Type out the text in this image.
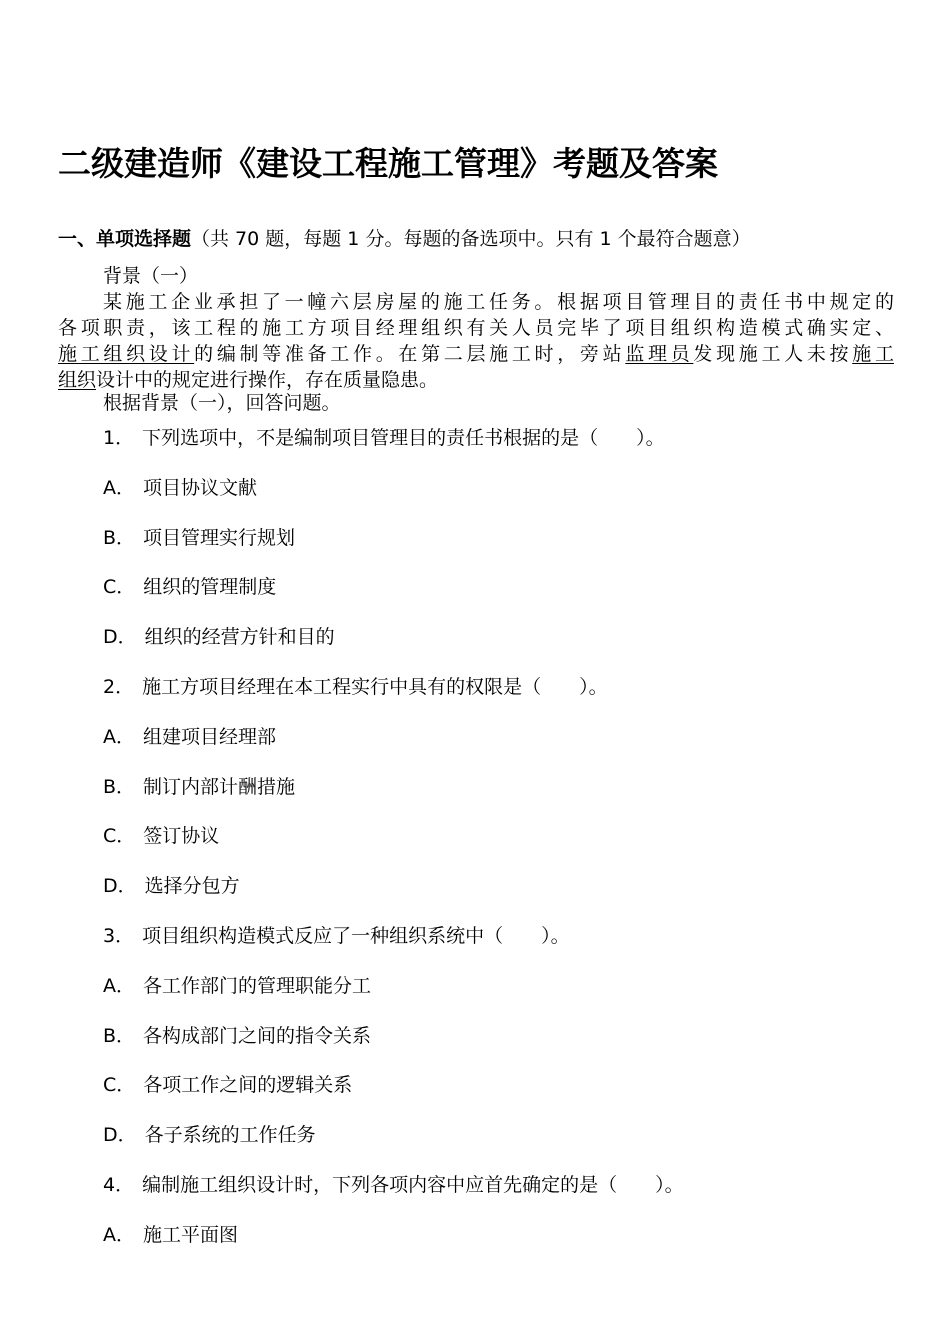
二级建造师《建设工程施工管理》考题及答案
一、单项选择题（共 70 题，每题 1 分。每题的备选项中。只有 1 个最符合题意）
背景（一）
某施工企业承担了一幢六层房屋的施工任务。根据项目管理目的责任书中规定的
各项职责，该工程的施工方项目经理组织有关人员完毕了项目组织构造模式确实定、
施工组织设计的编制等准备工作。在第二层施工时，旁站监理员发现施工人未按施工
组织设计中的规定进行操作，存在质量隐患。
根据背景（一），回答问题。
1． 下列选项中，不是编制项目管理目的责任书根据的是（　　）。
A． 项目协议文献
B． 项目管理实行规划
C． 组织的管理制度
D． 组织的经营方针和目的
2． 施工方项目经理在本工程实行中具有的权限是（　　）。
A． 组建项目经理部
B． 制订内部计酬措施
C． 签订协议
D． 选择分包方
3． 项目组织构造模式反应了一种组织系统中（　　）。
A． 各工作部门的管理职能分工
B． 各构成部门之间的指令关系
C． 各项工作之间的逻辑关系
D． 各子系统的工作任务
4． 编制施工组织设计时，下列各项内容中应首先确定的是（　　）。
A． 施工平面图
